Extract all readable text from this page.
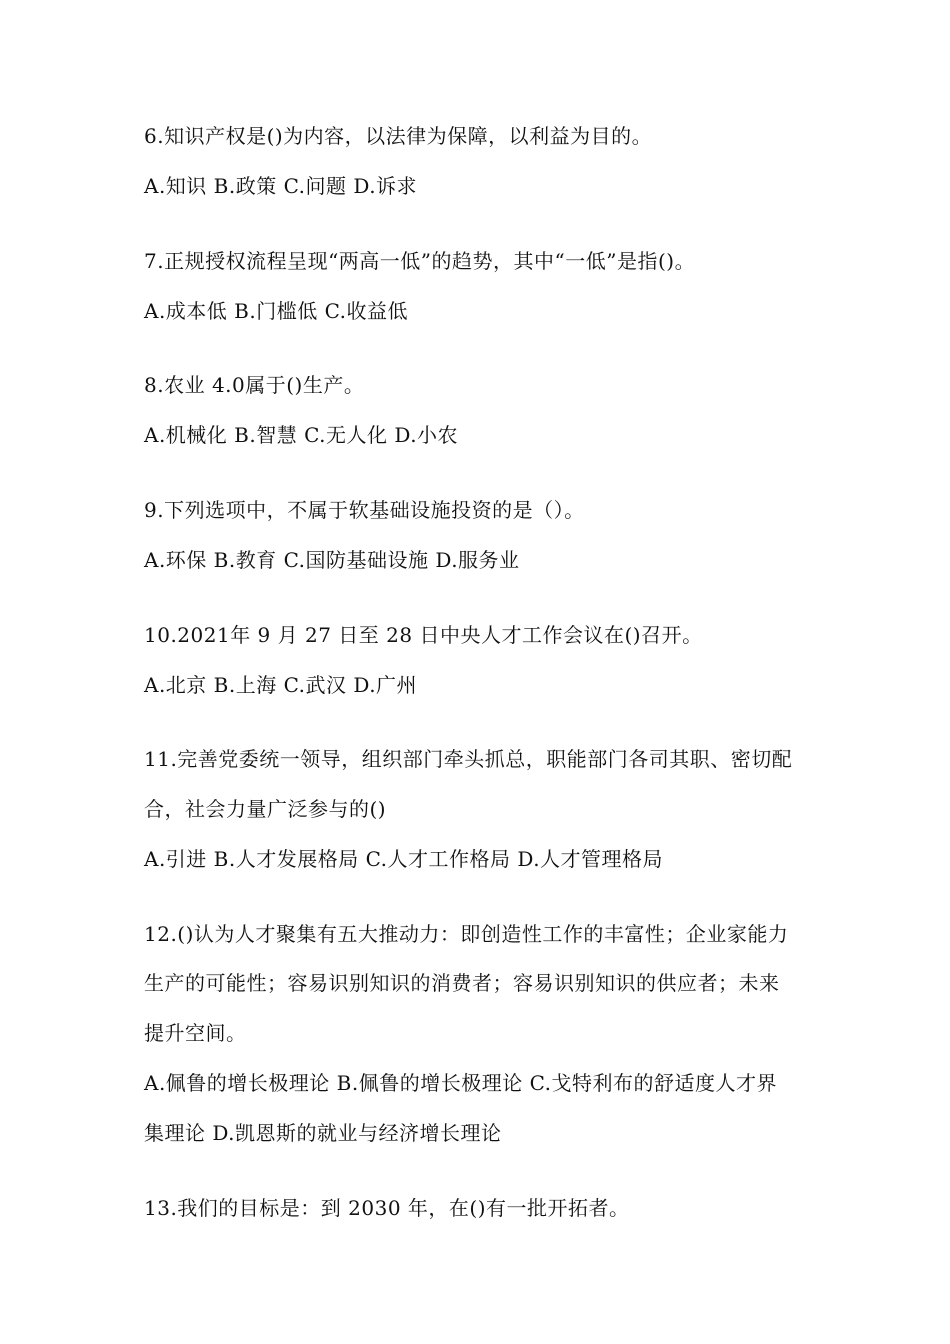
6.知识产权是()为内容，以法律为保障，以利益为目的。
A.知识 B.政策 C.问题 D.诉求
7.正规授权流程呈现“两高一低”的趋势，其中“一低”是指()。
A.成本低 B.门槛低 C.收益低
8.农业 4.0属于()生产。
A.机械化 B.智慧 C.无人化 D.小农
9.下列选项中，不属于软基础设施投资的是（）。
A.环保 B.教育 C.国防基础设施 D.服务业
10.2021年 9 月 27 日至 28 日中央人才工作会议在()召开。
A.北京 B.上海 C.武汉 D.广州
11.完善党委统一领导，组织部门牵头抓总，职能部门各司其职、密切配
合，社会力量广泛参与的()
A.引进 B.人才发展格局 C.人才工作格局 D.人才管理格局
12.()认为人才聚集有五大推动力：即创造性工作的丰富性；企业家能力
生产的可能性；容易识别知识的消费者；容易识别知识的供应者；未来
提升空间。
A.佩鲁的增长极理论 B.佩鲁的增长极理论 C.戈特利布的舒适度人才界
集理论 D.凯恩斯的就业与经济增长理论
13.我们的目标是：到 2030 年，在()有一批开拓者。
